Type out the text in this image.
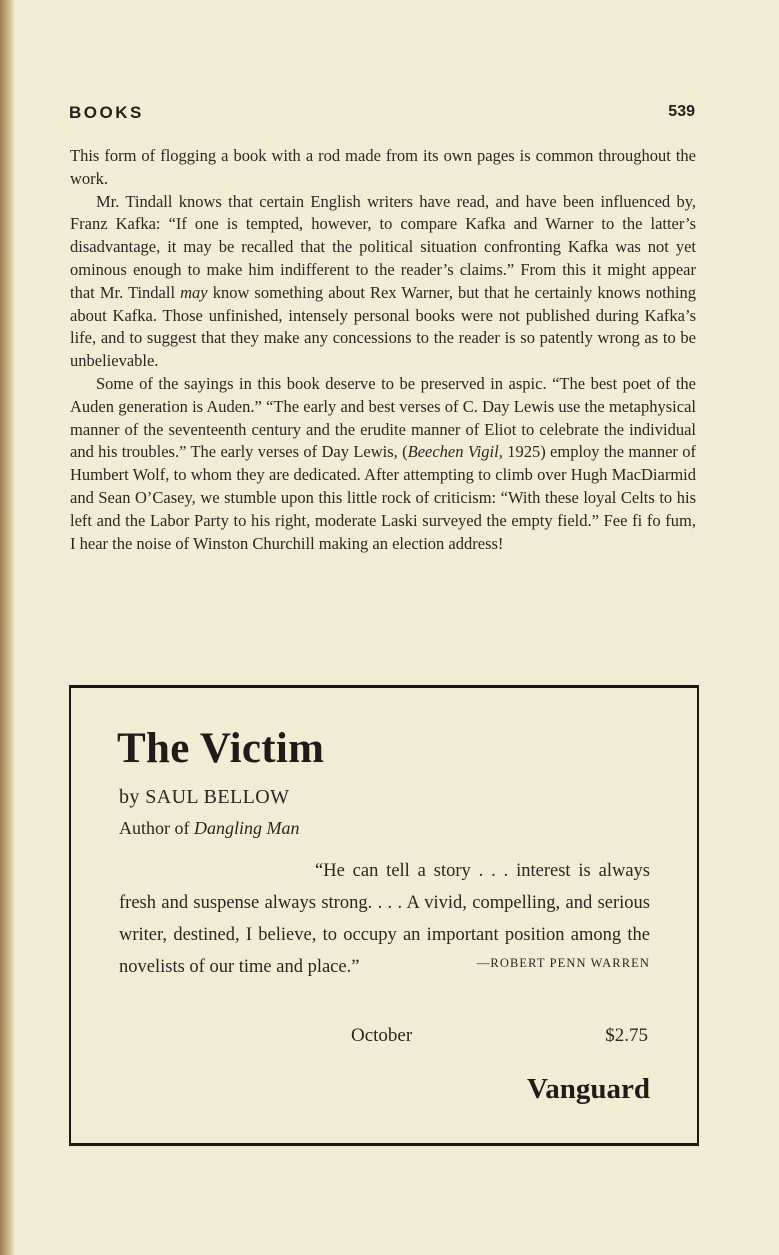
BOOKS	539

This form of flogging a book with a rod made from its own pages is common throughout the work.

Mr. Tindall knows that certain English writers have read, and have been influenced by, Franz Kafka: “If one is tempted, however, to compare Kafka and Warner to the latter’s disadvantage, it may be recalled that the political situation confronting Kafka was not yet ominous enough to make him indifferent to the reader’s claims.” From this it might appear that Mr. Tindall may know something about Rex Warner, but that he certainly knows nothing about Kafka. Those unfinished, intensely personal books were not published during Kafka’s life, and to suggest that they make any concessions to the reader is so patently wrong as to be unbelievable.

Some of the sayings in this book deserve to be preserved in aspic. “The best poet of the Auden generation is Auden.” “The early and best verses of C. Day Lewis use the metaphysical manner of the seventeenth century and the erudite manner of Eliot to celebrate the individual and his troubles.” The early verses of Day Lewis, (Beechen Vigil, 1925) employ the manner of Humbert Wolf, to whom they are dedicated. After attempting to climb over Hugh MacDiarmid and Sean O’Casey, we stumble upon this little rock of criticism: “With these loyal Celts to his left and the Labor Party to his right, moderate Laski surveyed the empty field.” Fee fi fo fum, I hear the noise of Winston Churchill making an election address!

The Victim
by SAUL BELLOW
Author of Dangling Man
“He can tell a story . . . interest is always fresh and suspense always strong. . . . A vivid, compelling, and serious writer, destined, I believe, to occupy an important position among the novelists of our time and place.”	—ROBERT PENN WARREN
October	$2.75
Vanguard
